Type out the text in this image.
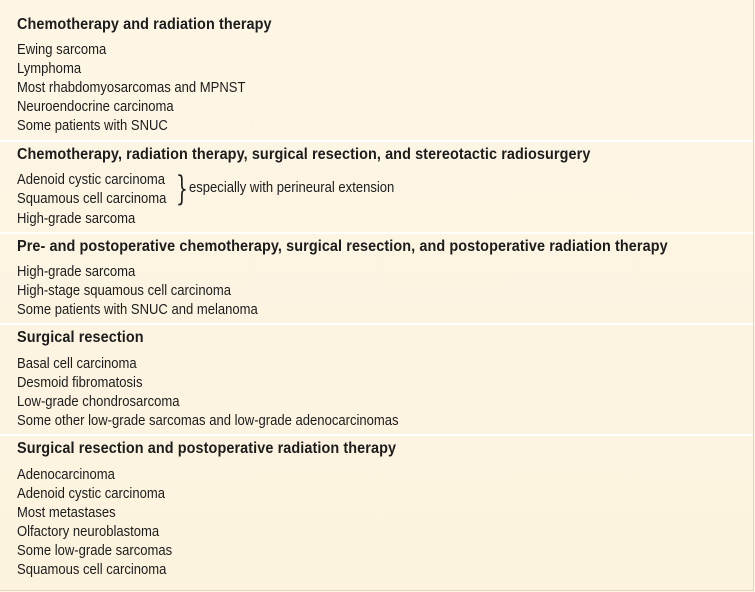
Chemotherapy and radiation therapy
Ewing sarcoma
Lymphoma
Most rhabdomyosarcomas and MPNST
Neuroendocrine carcinoma
Some patients with SNUC
Chemotherapy, radiation therapy, surgical resection, and stereotactic radiosurgery
Adenoid cystic carcinoma
Squamous cell carcinoma } especially with perineural extension
High-grade sarcoma
Pre- and postoperative chemotherapy, surgical resection, and postoperative radiation therapy
High-grade sarcoma
High-stage squamous cell carcinoma
Some patients with SNUC and melanoma
Surgical resection
Basal cell carcinoma
Desmoid fibromatosis
Low-grade chondrosarcoma
Some other low-grade sarcomas and low-grade adenocarcinomas
Surgical resection and postoperative radiation therapy
Adenocarcinoma
Adenoid cystic carcinoma
Most metastases
Olfactory neuroblastoma
Some low-grade sarcomas
Squamous cell carcinoma
